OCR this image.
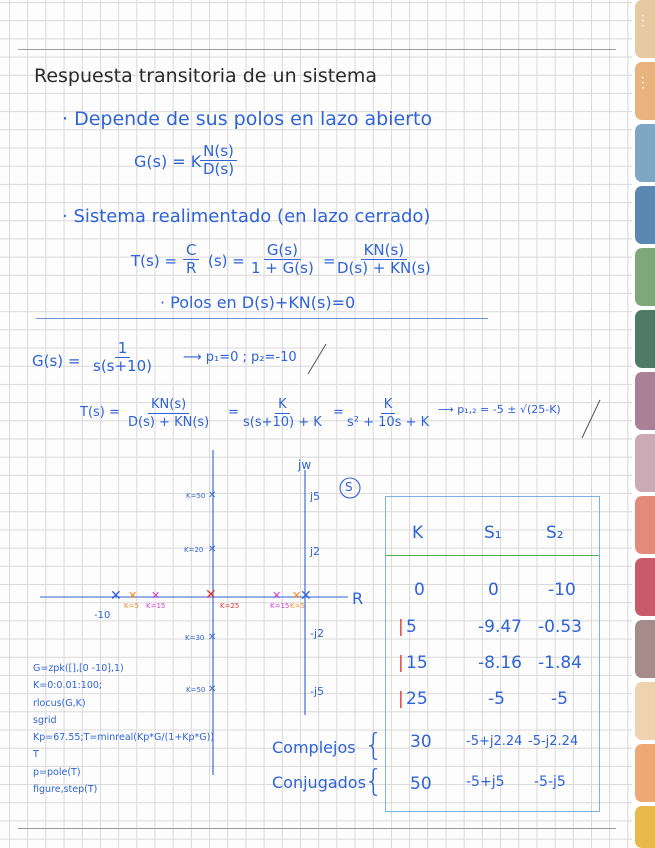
Respuesta transitoria de un sistema
· Depende de sus polos en lazo abierto
G(s) = K
$\frac{N(s)}{D(s)}$
· Sistema realimentado (en lazo cerrado)
$T(s) = \frac{C}{R} (s) = \frac{G(s)}{1 + G(s)}$ =
$\frac{KN(s)}{D(s) + KN(s)}$
· Polos en D(s)+KN(s)=0
$G(s) = \frac{1}{s(s+10)}$ ⟶ p₁=0 ; p₂=-10
$T(s) = \frac{KN(s)}{D(s) + KN(s)} = \frac{K}{s(s+10) + K} = \frac{K}{\text{s² + 10s + K}}$ ⟶ p₁,₂ = -5 ± √(25-K)
jw
S
R
j5
j2
-j2
-j5
-10
✕
K=50
✕
K=20
✕
K=30
✕
K=50
✕ ✕
K=5
✕
K=15
✕
K=25
✕
K=15
✕
K=5
✕
G=zpk([],[0 -10],1)
K=0:0.01:100;
rlocus(G,K)
sgrid
Kp=67.55;T=minreal(Kp*G/(1+Kp*G))
T
p=pole(T)
figure,step(T)
Complejos
Conjugados
{
{
K	S₁	S₂
0	0	-10
| 5	-9.47 -0.53
| 15	-8.16 -1.84
| 25	-5	-5
30	-5+j2.24 -5-j2.24
50 -5+j5 -5-j5
•
•
•
•
•
•
